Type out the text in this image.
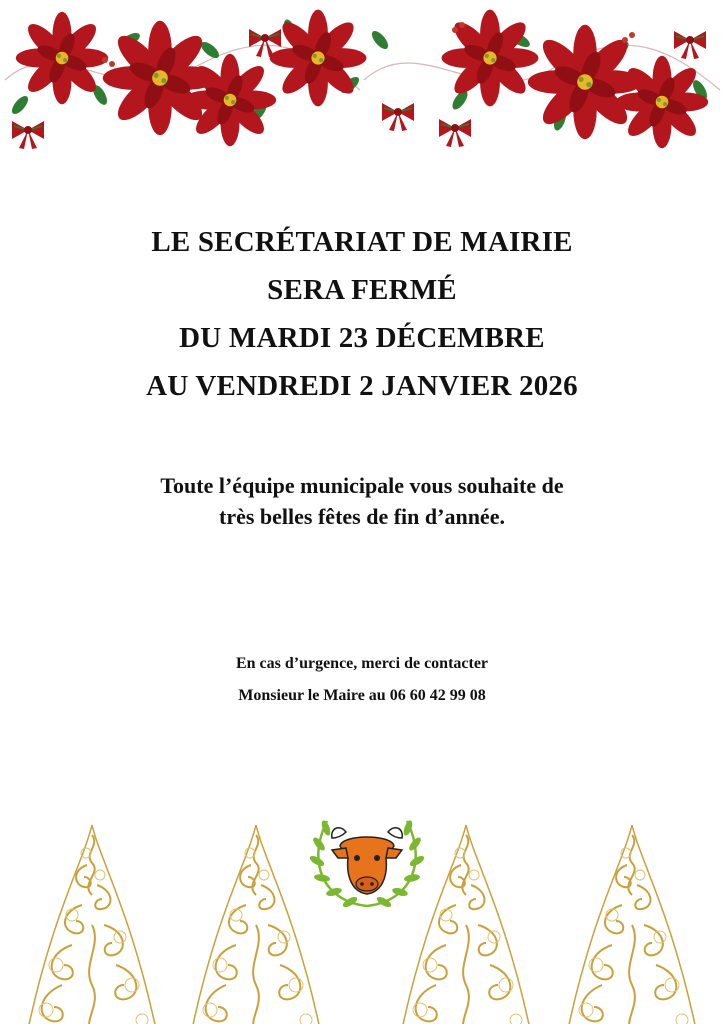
LE SECRÉTARIAT DE MAIRIE
SERA FERMÉ
DU MARDI 23 DÉCEMBRE
AU VENDREDI 2 JANVIER 2026
Toute l’équipe municipale vous souhaite de
très belles fêtes de fin d’année.
En cas d’urgence, merci de contacter
Monsieur le Maire au 06 60 42 99 08
